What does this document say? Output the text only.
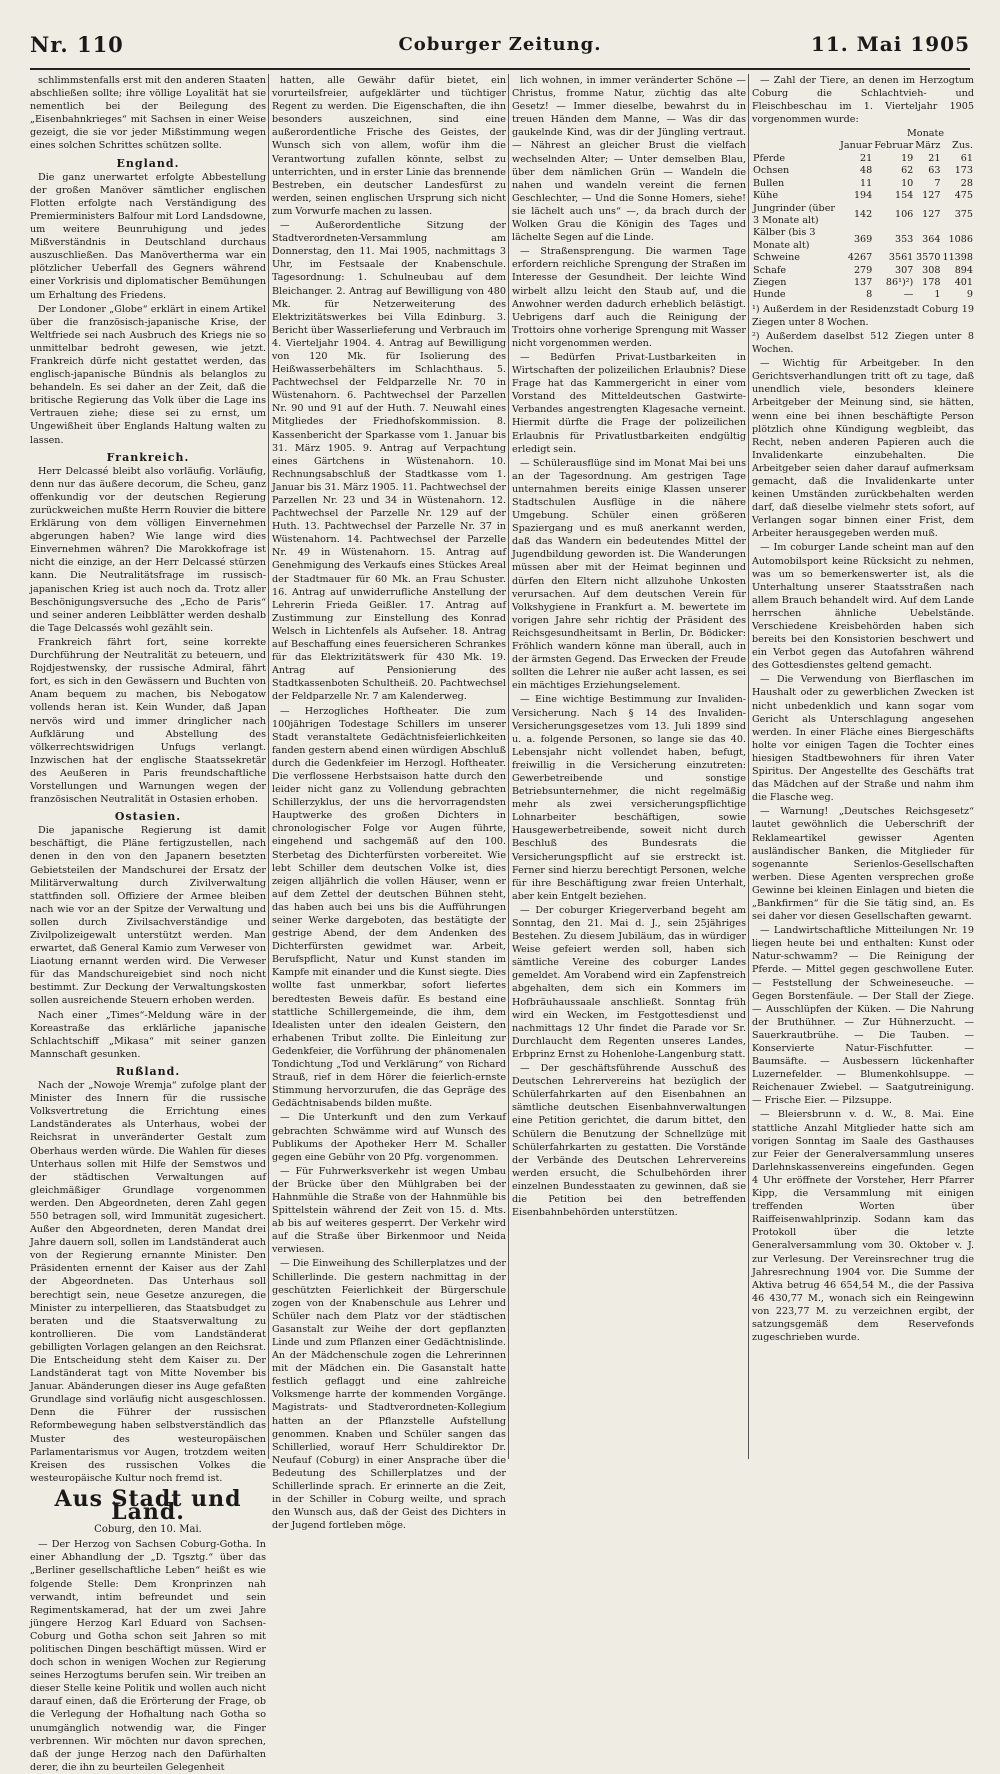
Nr. 110	Coburger Zeitung.	11. Mai 1905

schlimmstenfalls erst mit den anderen Staaten abschließen sollte; ihre völlige Loyalität hat sie nementlich bei der Beilegung des „Eisenbahnkrieges“ mit Sachsen in einer Weise gezeigt, die sie vor jeder Mißstimmung wegen eines solchen Schrittes schützen sollte.

England.

Die ganz unerwartet erfolgte Abbestellung der großen Manöver sämtlicher englischen Flotten erfolgte nach Verständigung des Premierministers Balfour mit Lord Landsdowne, um weitere Beunruhigung und jedes Mißverständnis in Deutschland durchaus auszuschließen. Das Manövertherma war ein plötzlicher Ueberfall des Gegners während einer Vorkrisis und diplomatischer Bemühungen um Erhaltung des Friedens.

Der Londoner „Globe“ erklärt in einem Artikel über die französisch-japanische Krise, der Weltfriede sei nach Ausbruch des Kriegs nie so unmittelbar bedroht gewesen, wie jetzt. Frankreich dürfe nicht gestattet werden, das englisch-japanische Bündnis als belanglos zu behandeln. Es sei daher an der Zeit, daß die britische Regierung das Volk über die Lage ins Vertrauen ziehe; diese sei zu ernst, um Ungewißheit über Englands Haltung walten zu lassen.

Frankreich.

Herr Delcassé bleibt also vorläufig. Vorläufig, denn nur das äußere decorum, die Scheu, ganz offenkundig vor der deutschen Regierung zurückweichen mußte Herrn Rouvier die bittere Erklärung von dem völligen Einvernehmen abgerungen haben? Wie lange wird dies Einvernehmen währen? Die Marokkofrage ist nicht die einzige, an der Herr Delcassé stürzen kann. Die Neutralitätsfrage im russisch-japanischen Krieg ist auch noch da. Trotz aller Beschönigungsversuche des „Echo de Paris“ und seiner anderen Leibblätter werden deshalb die Tage Delcassés wohl gezählt sein.

Frankreich fährt fort, seine korrekte Durchführung der Neutralität zu beteuern, und Rojdjestwensky, der russische Admiral, fährt fort, es sich in den Gewässern und Buchten von Anam bequem zu machen, bis Nebogatow vollends heran ist. Kein Wunder, daß Japan nervös wird und immer dringlicher nach Aufklärung und Abstellung des völkerrechtswidrigen Unfugs verlangt. Inzwischen hat der englische Staatssekretär des Aeußeren in Paris freundschaftliche Vorstellungen und Warnungen wegen der französischen Neutralität in Ostasien erhoben.

Ostasien.

Die japanische Regierung ist damit beschäftigt, die Pläne fertigzustellen, nach denen in den von den Japanern besetzten Gebietsteilen der Mandschurei der Ersatz der Militärverwaltung durch Zivilverwaltung stattfinden soll. Offiziere der Armee bleiben nach wie vor an der Spitze der Verwaltung und sollen durch Zivilsachverständige und Zivilpolizeigewalt unterstützt werden. Man erwartet, daß General Kamio zum Verweser von Liaotung ernannt werden wird. Die Verweser für das Mandschureigebiet sind noch nicht bestimmt. Zur Deckung der Verwaltungskosten sollen ausreichende Steuern erhoben werden.

Nach einer „Times“-Meldung wäre in der Koreastraße das erklärliche japanische Schlachtschiff „Mikasa“ mit seiner ganzen Mannschaft gesunken.

Rußland.

Nach der „Nowoje Wremja“ zufolge plant der Minister des Innern für die russische Volksvertretung die Errichtung eines Landständerates als Unterhaus, wobei der Reichsrat in unveränderter Gestalt zum Oberhaus werden würde. Die Wahlen für dieses Unterhaus sollen mit Hilfe der Semstwos und der städtischen Verwaltungen auf gleichmäßiger Grundlage vorgenommen werden. Den Abgeordneten, deren Zahl gegen 550 betragen soll, wird Immunität zugesichert. Außer den Abgeordneten, deren Mandat drei Jahre dauern soll, sollen im Landständerat auch von der Regierung ernannte Minister. Den Präsidenten ernennt der Kaiser aus der Zahl der Abgeordneten. Das Unterhaus soll berechtigt sein, neue Gesetze anzuregen, die Minister zu interpellieren, das Staatsbudget zu beraten und die Staatsverwaltung zu kontrollieren. Die vom Landständerat gebilligten Vorlagen gelangen an den Reichsrat. Die Entscheidung steht dem Kaiser zu. Der Landständerat tagt von Mitte November bis Januar. Abänderungen dieser ins Auge gefaßten Grundlage sind vorläufig nicht ausgeschlossen. Denn die Führer der russischen Reformbewegung haben selbstverständlich das Muster des westeuropäischen Parlamentarismus vor Augen, trotzdem weiten Kreisen des russischen Volkes die westeuropäische Kultur noch fremd ist.

Aus Stadt und Land.
Coburg, den 10. Mai.

— Der Herzog von Sachsen Coburg-Gotha. In einer Abhandlung der „D. Tgsztg.“ über das „Berliner gesellschaftliche Leben“ heißt es wie folgende Stelle: Dem Kronprinzen nah verwandt, intim befreundet und sein Regimentskamerad, hat der um zwei Jahre jüngere Herzog Karl Eduard von Sachsen-Coburg und Gotha schon seit Jahren so mit politischen Dingen beschäftigt müssen. Wird er doch schon in wenigen Wochen zur Regierung seines Herzogtums berufen sein. Wir treiben an dieser Stelle keine Politik und wollen auch nicht darauf einen, daß die Erörterung der Frage, ob die Verlegung der Hofhaltung nach Gotha so unumgänglich notwendig war, die Finger verbrennen. Wir möchten nur davon sprechen, daß der junge Herzog nach den Dafürhalten derer, die ihn zu beurteilen Gelegenheit

hatten, alle Gewähr dafür bietet, ein vorurteilsfreier, aufgeklärter und tüchtiger Regent zu werden. Die Eigenschaften, die ihn besonders auszeichnen, sind eine außerordentliche Frische des Geistes, der Wunsch sich von allem, wofür ihm die Verantwortung zufallen könnte, selbst zu unterrichten, und in erster Linie das brennende Bestreben, ein deutscher Landesfürst zu werden, seinen englischen Ursprung sich nicht zum Vorwurfe machen zu lassen.

— Außerordentliche Sitzung der Stadtverordneten-Versammlung am Donnerstag, den 11. Mai 1905, nachmittags 3 Uhr, im Festsaale der Knabenschule. Tagesordnung: 1. Schulneubau auf dem Bleichanger. 2. Antrag auf Bewilligung von 480 Mk. für Netzerweiterung des Elektrizitätswerkes bei Villa Edinburg. 3. Bericht über Wasserlieferung und Verbrauch im 4. Vierteljahr 1904. 4. Antrag auf Bewilligung von 120 Mk. für Isolierung des Heißwasserbehälters im Schlachthaus. 5. Pachtwechsel der Feldparzelle Nr. 70 in Wüstenahorn. 6. Pachtwechsel der Parzellen Nr. 90 und 91 auf der Huth. 7. Neuwahl eines Mitgliedes der Friedhofskommission. 8. Kassenbericht der Sparkasse vom 1. Januar bis 31. März 1905. 9. Antrag auf Verpachtung eines Gärtchens in Wüstenahorn. 10. Rechnungsabschluß der Stadtkasse vom 1. Januar bis 31. März 1905. 11. Pachtwechsel der Parzellen Nr. 23 und 34 in Wüstenahorn. 12. Pachtwechsel der Parzelle Nr. 129 auf der Huth. 13. Pachtwechsel der Parzelle Nr. 37 in Wüstenahorn. 14. Pachtwechsel der Parzelle Nr. 49 in Wüstenahorn. 15. Antrag auf Genehmigung des Verkaufs eines Stückes Areal der Stadtmauer für 60 Mk. an Frau Schuster. 16. Antrag auf unwiderrufliche Anstellung der Lehrerin Frieda Geißler. 17. Antrag auf Zustimmung zur Einstellung des Konrad Welsch in Lichtenfels als Aufseher. 18. Antrag auf Beschaffung eines feuersicheren Schrankes für das Elektrizitätswerk für 430 Mk. 19. Antrag auf Pensionierung des Stadtkassenboten Schultheiß. 20. Pachtwechsel der Feldparzelle Nr. 7 am Kalenderweg.

— Herzogliches Hoftheater. Die zum 100jährigen Todestage Schillers im unserer Stadt veranstaltete Gedächtnisfeierlichkeiten fanden gestern abend einen würdigen Abschluß durch die Gedenkfeier im Herzogl. Hoftheater. Die verflossene Herbstsaison hatte durch den leider nicht ganz zu Vollendung gebrachten Schillerzyklus, der uns die hervorragendsten Hauptwerke des großen Dichters in chronologischer Folge vor Augen führte, eingehend und sachgemäß auf den 100. Sterbetag des Dichterfürsten vorbereitet. Wie lebt Schiller dem deutschen Volke ist, dies zeigen alljährlich die vollen Häuser, wenn er auf dem Zettel der deutschen Bühnen steht, das haben auch bei uns bis die Aufführungen seiner Werke dargeboten, das bestätigte der gestrige Abend, der dem Andenken des Dichterfürsten gewidmet war. Arbeit, Berufspflicht, Natur und Kunst standen im Kampfe mit einander und die Kunst siegte. Dies wollte fast unmerkbar, sofort liefertes beredtesten Beweis dafür. Es bestand eine stattliche Schillergemeinde, die ihm, dem Idealisten unter den idealen Geistern, den erhabenen Tribut zollte. Die Einleitung zur Gedenkfeier, die Vorführung der phänomenalen Tondichtung „Tod und Verklärung“ von Richard Strauß, rief in dem Hörer die feierlich-ernste Stimmung hervorzurufen, die das Gepräge des Gedächtnisabends bilden mußte.

— Die Unterkunft und den zum Verkauf gebrachten Schwämme wird auf Wunsch des Publikums der Apotheker Herr M. Schaller gegen eine Gebühr von 20 Pfg. vorgenommen.

— Für Fuhrwerksverkehr ist wegen Umbau der Brücke über den Mühlgraben bei der Hahnmühle die Straße von der Hahnmühle bis Spittelstein während der Zeit von 15. d. Mts. ab bis auf weiteres gesperrt. Der Verkehr wird auf die Straße über Birkenmoor und Neida verwiesen.

— Die Einweihung des Schillerplatzes und der Schillerlinde. Die gestern nachmittag in der geschützten Feierlichkeit der Bürgerschule zogen von der Knabenschule aus Lehrer und Schüler nach dem Platz vor der städtischen Gasanstalt zur Weihe der dort gepflanzten Linde und zum Pflanzen einer Gedächtnislinde. An der Mädchenschule zogen die Lehrerinnen mit der Mädchen ein. Die Gasanstalt hatte festlich geflaggt und eine zahlreiche Volksmenge harrte der kommenden Vorgänge. Magistrats- und Stadtverordneten-Kollegium hatten an der Pflanzstelle Aufstellung genommen. Knaben und Schüler sangen das Schillerlied, worauf Herr Schuldirektor Dr. Neufauf (Coburg) in einer Ansprache über die Bedeutung des Schillerplatzes und der Schillerlinde sprach. Er erinnerte an die Zeit, in der Schiller in Coburg weilte, und sprach den Wunsch aus, daß der Geist des Dichters in der Jugend fortleben möge.

lich wohnen, in immer veränderter Schöne — Christus, fromme Natur, züchtig das alte Gesetz! — Immer dieselbe, bewahrst du in treuen Händen dem Manne, — Was dir das gaukelnde Kind, was dir der Jüngling vertraut. — Nährest an gleicher Brust die vielfach wechselnden Alter; — Unter demselben Blau, über dem nämlichen Grün — Wandeln die nahen und wandeln vereint die fernen Geschlechter, — Und die Sonne Homers, siehe! sie lächelt auch uns“ —, da brach durch der Wolken Grau die Königin des Tages und lächelte Segen auf die Linde.

— Straßensprengung. Die warmen Tage erfordern reichliche Sprengung der Straßen im Interesse der Gesundheit. Der leichte Wind wirbelt allzu leicht den Staub auf, und die Anwohner werden dadurch erheblich belästigt. Uebrigens darf auch die Reinigung der Trottoirs ohne vorherige Sprengung mit Wasser nicht vorgenommen werden.

— Bedürfen Privat-Lustbarkeiten in Wirtschaften der polizeilichen Erlaubnis? Diese Frage hat das Kammergericht in einer vom Vorstand des Mitteldeutschen Gastwirte-Verbandes angestrengten Klagesache verneint. Hiermit dürfte die Frage der polizeilichen Erlaubnis für Privatlustbarkeiten endgültig erledigt sein.

— Schülerausflüge sind im Monat Mai bei uns an der Tagesordnung. Am gestrigen Tage unternahmen bereits einige Klassen unserer Stadtschulen Ausflüge in die nähere Umgebung. Schüler einen größeren Spaziergang und es muß anerkannt werden, daß das Wandern ein bedeutendes Mittel der Jugendbildung geworden ist. Die Wanderungen müssen aber mit der Heimat beginnen und dürfen den Eltern nicht allzuhohe Unkosten verursachen. Auf dem deutschen Verein für Volkshygiene in Frankfurt a. M. bewertete im vorigen Jahre sehr richtig der Präsident des Reichsgesundheitsamt in Berlin, Dr. Bödicker: Fröhlich wandern könne man überall, auch in der ärmsten Gegend. Das Erwecken der Freude sollten die Lehrer nie außer acht lassen, es sei ein mächtiges Erziehungselement.

— Eine wichtige Bestimmung zur Invaliden-Versicherung. Nach § 14 des Invaliden-Versicherungsgesetzes vom 13. Juli 1899 sind u. a. folgende Personen, so lange sie das 40. Lebensjahr nicht vollendet haben, befugt, freiwillig in die Versicherung einzutreten: Gewerbetreibende und sonstige Betriebsunternehmer, die nicht regelmäßig mehr als zwei versicherungspflichtige Lohnarbeiter beschäftigen, sowie Hausgewerbetreibende, soweit nicht durch Beschluß des Bundesrats die Versicherungspflicht auf sie erstreckt ist. Ferner sind hierzu berechtigt Personen, welche für ihre Beschäftigung zwar freien Unterhalt, aber kein Entgelt beziehen.

— Der coburger Kriegerverband begeht am Sonntag, den 21. Mai d. J., sein 25jähriges Bestehen. Zu diesem Jubiläum, das in würdiger Weise gefeiert werden soll, haben sich sämtliche Vereine des coburger Landes gemeldet. Am Vorabend wird ein Zapfenstreich abgehalten, dem sich ein Kommers im Hofbräuhaussaale anschließt. Sonntag früh wird ein Wecken, im Festgottesdienst und nachmittags 12 Uhr findet die Parade vor Sr. Durchlaucht dem Regenten unseres Landes, Erbprinz Ernst zu Hohenlohe-Langenburg statt.

— Der geschäftsführende Ausschuß des Deutschen Lehrervereins hat bezüglich der Schülerfahrkarten auf den Eisenbahnen an sämtliche deutschen Eisenbahnverwaltungen eine Petition gerichtet, die darum bittet, den Schülern die Benutzung der Schnellzüge mit Schülerfahrkarten zu gestatten. Die Vorstände der Verbände des Deutschen Lehrervereins werden ersucht, die Schulbehörden ihrer einzelnen Bundesstaaten zu gewinnen, daß sie die Petition bei den betreffenden Eisenbahnbehörden unterstützen.

— Zahl der Tiere, an denen im Herzogtum Coburg die Schlachtvieh- und Fleischbeschau im 1. Vierteljahr 1905 vorgenommen wurde:

Monate
	Januar	Februar	März	Zus.
Pferde	21	19	21	61
Ochsen	48	62	63	173
Bullen	11	10	7	28
Kühe	194	154	127	475
Jungrinder (über 3 Monate alt)	142	106	127	375
Kälber (bis 3 Monate alt)	369	353	364	1086
Schweine	4267	3561	3570	11398
Schafe	279	307	308	894
Ziegen	137	86¹)²)	178	401
Hunde	8	—	1	9
¹) Außerdem in der Residenzstadt Coburg 19 Ziegen unter 8 Wochen.
²) Außerdem daselbst 512 Ziegen unter 8 Wochen.

— Wichtig für Arbeitgeber. In den Gerichtsverhandlungen tritt oft zu tage, daß unendlich viele, besonders kleinere Arbeitgeber der Meinung sind, sie hätten, wenn eine bei ihnen beschäftigte Person plötzlich ohne Kündigung wegbleibt, das Recht, neben anderen Papieren auch die Invalidenkarte einzubehalten. Die Arbeitgeber seien daher darauf aufmerksam gemacht, daß die Invalidenkarte unter keinen Umständen zurückbehalten werden darf, daß dieselbe vielmehr stets sofort, auf Verlangen sogar binnen einer Frist, dem Arbeiter herausgegeben werden muß.

— Im coburger Lande scheint man auf den Automobilsport keine Rücksicht zu nehmen, was um so bemerkenswerter ist, als die Unterhaltung unserer Staatsstraßen nach allem Brauch behandelt wird. Auf dem Lande herrschen ähnliche Uebelstände. Verschiedene Kreisbehörden haben sich bereits bei den Konsistorien beschwert und ein Verbot gegen das Autofahren während des Gottesdienstes geltend gemacht.

— Die Verwendung von Bierflaschen im Haushalt oder zu gewerblichen Zwecken ist nicht unbedenklich und kann sogar vom Gericht als Unterschlagung angesehen werden. In einer Fläche eines Biergeschäfts holte vor einigen Tagen die Tochter eines hiesigen Stadtbewohners für ihren Vater Spiritus. Der Angestellte des Geschäfts trat das Mädchen auf der Straße und nahm ihm die Flasche weg.

— Warnung! „Deutsches Reichsgesetz“ lautet gewöhnlich die Ueberschrift der Reklameartikel gewisser Agenten ausländischer Banken, die Mitglieder für sogenannte Serienlos-Gesellschaften werben. Diese Agenten versprechen große Gewinne bei kleinen Einlagen und bieten die „Bankfirmen“ für die Sie tätig sind, an. Es sei daher vor diesen Gesellschaften gewarnt.

— Landwirtschaftliche Mitteilungen Nr. 19 liegen heute bei und enthalten: Kunst oder Natur-schwamm? — Die Reinigung der Pferde. — Mittel gegen geschwollene Euter. — Feststellung der Schweineseuche. — Gegen Borstenfäule. — Der Stall der Ziege. — Ausschlüpfen der Küken. — Die Nahrung der Bruthühner. — Zur Hühnerzucht. — Sauerkrautbrühe. — Die Tauben. — Konservierte Natur-Fischfutter. — Baumsäfte. — Ausbessern lückenhafter Luzernefelder. — Blumenkohlsuppe. — Reichenauer Zwiebel. — Saatgutreinigung. — Frische Eier. — Pilzsuppe.

— Bleiersbrunn v. d. W., 8. Mai. Eine stattliche Anzahl Mitglieder hatte sich am vorigen Sonntag im Saale des Gasthauses zur Feier der Generalversammlung unseres Darlehnskassenvereins eingefunden. Gegen 4 Uhr eröffnete der Vorsteher, Herr Pfarrer Kipp, die Versammlung mit einigen treffenden Worten über Raiffeisenwahlprinzip. Sodann kam das Protokoll über die letzte Generalversammlung vom 30. Oktober v. J. zur Verlesung. Der Vereinsrechner trug die Jahresrechnung 1904 vor. Die Summe der Aktiva betrug 46 654,54 M., die der Passiva 46 430,77 M., wonach sich ein Reingewinn von 223,77 M. zu verzeichnen ergibt, der satzungsgemäß dem Reservefonds zugeschrieben wurde.
